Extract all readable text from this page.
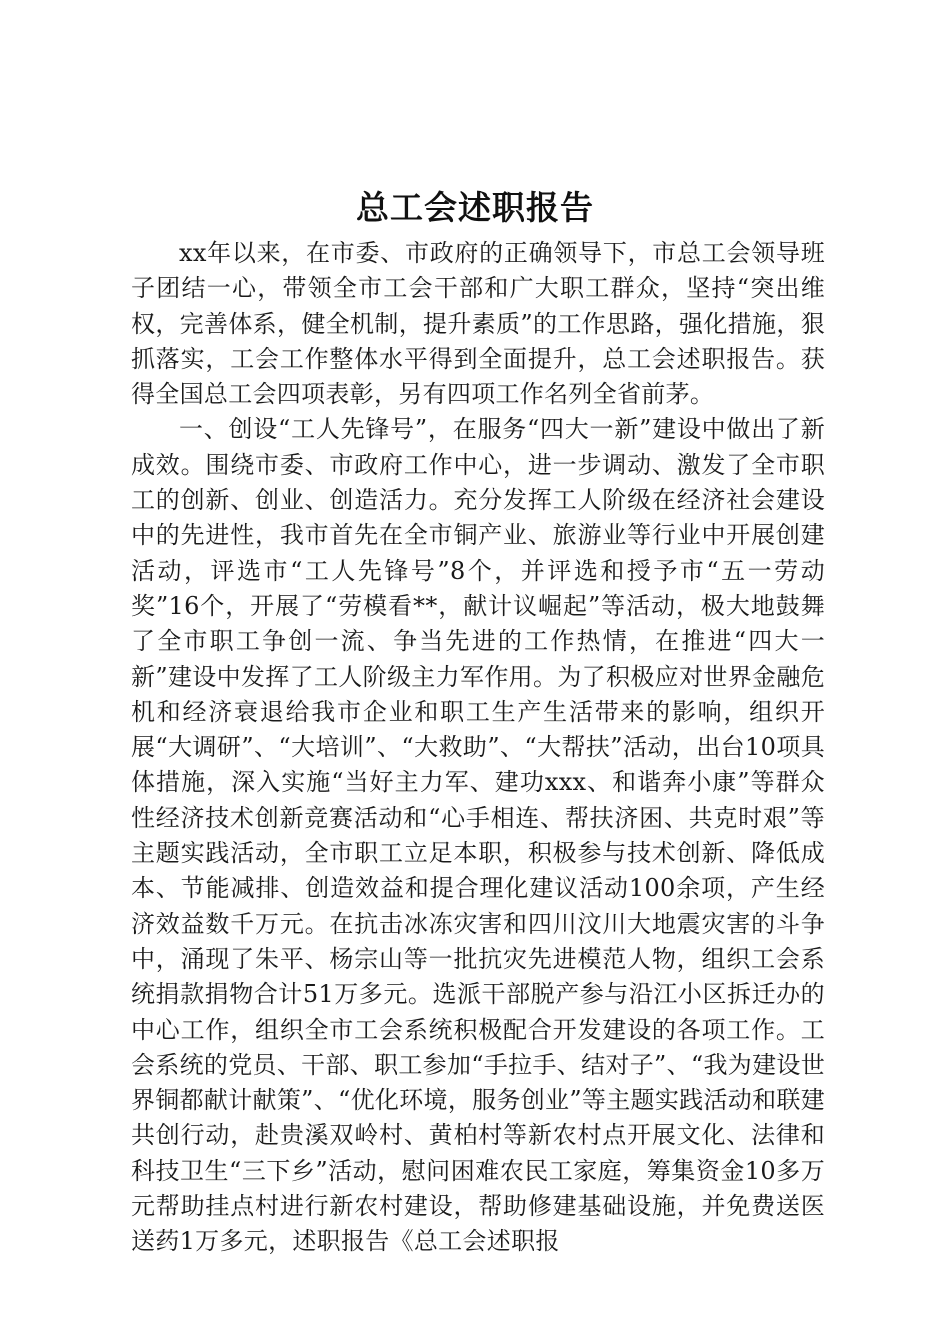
总工会述职报告

xx年以来，在市委、市政府的正确领导下，市总工会领导班子团结一心，带领全市工会干部和广大职工群众，坚持“突出维权，完善体系，健全机制，提升素质”的工作思路，强化措施，狠抓落实，工会工作整体水平得到全面提升，总工会述职报告。获得全国总工会四项表彰，另有四项工作名列全省前茅。

一、创设“工人先锋号”，在服务“四大一新”建设中做出了新成效。围绕市委、市政府工作中心，进一步调动、激发了全市职工的创新、创业、创造活力。充分发挥工人阶级在经济社会建设中的先进性，我市首先在全市铜产业、旅游业等行业中开展创建活动，评选市“工人先锋号”8个，并评选和授予市“五一劳动奖”16个，开展了“劳模看**，献计议崛起”等活动，极大地鼓舞了全市职工争创一流、争当先进的工作热情，在推进“四大一新”建设中发挥了工人阶级主力军作用。为了积极应对世界金融危机和经济衰退给我市企业和职工生产生活带来的影响，组织开展“大调研”、“大培训”、“大救助”、“大帮扶”活动，出台10项具体措施，深入实施“当好主力军、建功xxx、和谐奔小康”等群众性经济技术创新竞赛活动和“心手相连、帮扶济困、共克时艰”等主题实践活动，全市职工立足本职，积极参与技术创新、降低成本、节能减排、创造效益和提合理化建议活动100余项，产生经济效益数千万元。在抗击冰冻灾害和四川汶川大地震灾害的斗争中，涌现了朱平、杨宗山等一批抗灾先进模范人物，组织工会系统捐款捐物合计51万多元。选派干部脱产参与沿江小区拆迁办的中心工作，组织全市工会系统积极配合开发建设的各项工作。工会系统的党员、干部、职工参加“手拉手、结对子”、“我为建设世界铜都献计献策”、“优化环境，服务创业”等主题实践活动和联建共创行动，赴贵溪双岭村、黄柏村等新农村点开展文化、法律和科技卫生“三下乡”活动，慰问困难农民工家庭，筹集资金10多万元帮助挂点村进行新农村建设，帮助修建基础设施，并免费送医送药1万多元，述职报告《总工会述职报
